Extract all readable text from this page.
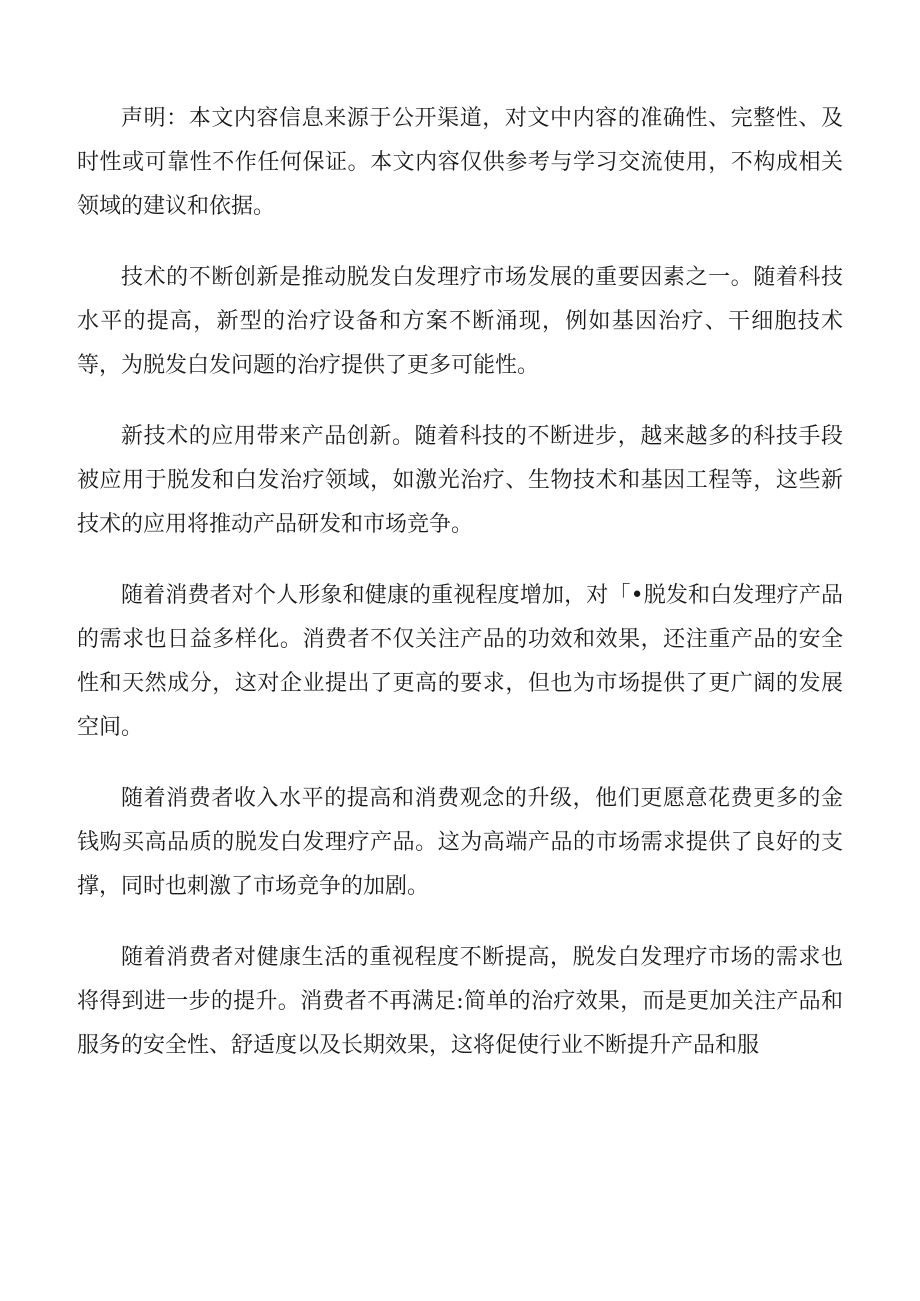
声明：本文内容信息来源于公开渠道，对文中内容的准确性、完整性、及时性或可靠性不作任何保证。本文内容仅供参考与学习交流使用，不构成相关领域的建议和依据。

技术的不断创新是推动脱发白发理疗市场发展的重要因素之一。随着科技水平的提高，新型的治疗设备和方案不断涌现，例如基因治疗、干细胞技术等，为脱发白发问题的治疗提供了更多可能性。

新技术的应用带来产品创新。随着科技的不断进步，越来越多的科技手段被应用于脱发和白发治疗领域，如激光治疗、生物技术和基因工程等，这些新技术的应用将推动产品研发和市场竞争。

随着消费者对个人形象和健康的重视程度增加，对「•脱发和白发理疗产品的需求也日益多样化。消费者不仅关注产品的功效和效果，还注重产品的安全性和天然成分，这对企业提出了更高的要求，但也为市场提供了更广阔的发展空间。

随着消费者收入水平的提高和消费观念的升级，他们更愿意花费更多的金钱购买高品质的脱发白发理疗产品。这为高端产品的市场需求提供了良好的支撑，同时也刺激了市场竞争的加剧。

随着消费者对健康生活的重视程度不断提高，脱发白发理疗市场的需求也将得到进一步的提升。消费者不再满足:简单的治疗效果，而是更加关注产品和服务的安全性、舒适度以及长期效果，这将促使行业不断提升产品和服
